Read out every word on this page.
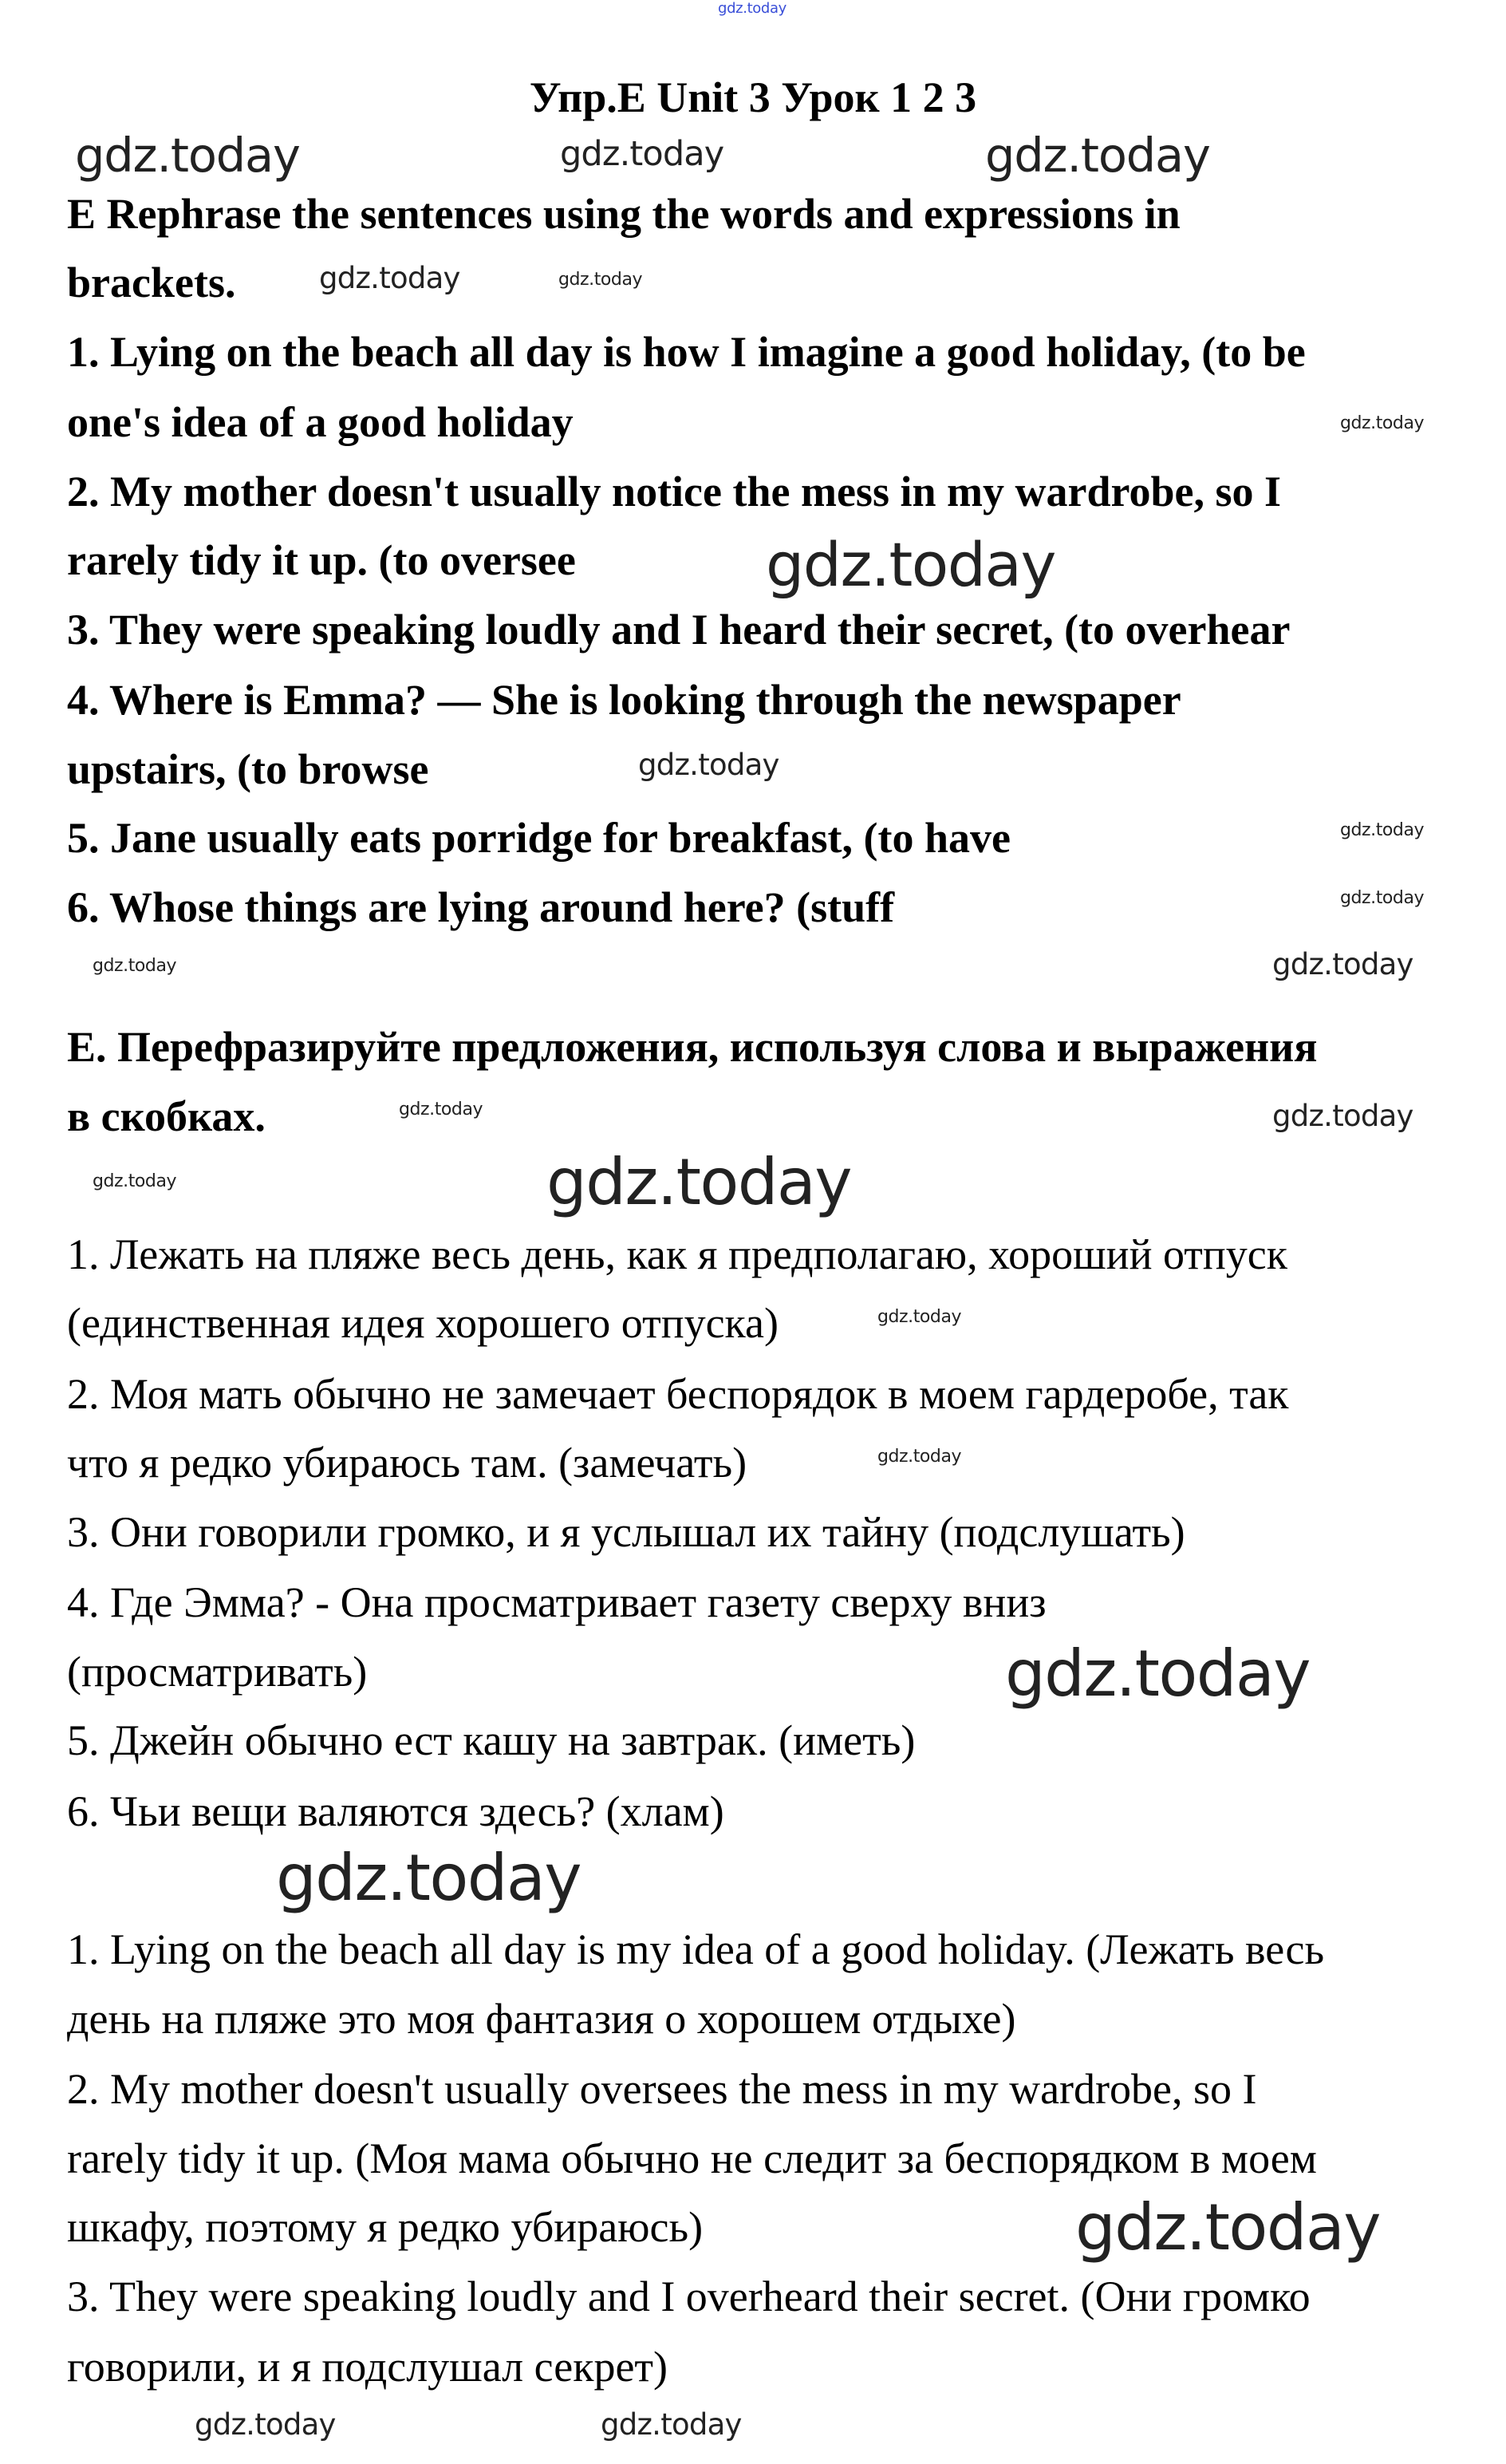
Упр.E Unit 3 Урок 1 2 3
E Rephrase the sentences using the words and expressions in
brackets.
1. Lying on the beach all day is how I imagine a good holiday, (to be
one's idea of a good holiday
2. My mother doesn't usually notice the mess in my wardrobe, so I
rarely tidy it up. (to oversee
3. They were speaking loudly and I heard their secret, (to overhear
4. Where is Emma? — She is looking through the newspaper
upstairs, (to browse
5. Jane usually eats porridge for breakfast, (to have
6. Whose things are lying around here? (stuff
E. Перефразируйте предложения, используя слова и выражения
в скобках.
1. Лежать на пляже весь день, как я предполагаю, хороший отпуск
(единственная идея хорошего отпуска)
2. Моя мать обычно не замечает беспорядок в моем гардеробе, так
что я редко убираюсь там. (замечать)
3. Они говорили громко, и я услышал их тайну (подслушать)
4. Где Эмма? - Она просматривает газету сверху вниз
(просматривать)
5. Джейн обычно ест кашу на завтрак. (иметь)
6. Чьи вещи валяются здесь? (хлам)
1. Lying on the beach all day is my idea of a good holiday. (Лежать весь
день на пляже это моя фантазия о хорошем отдыхе)
2. My mother doesn't usually oversees the mess in my wardrobe, so I
rarely tidy it up. (Моя мама обычно не следит за беспорядком в моем
шкафу, поэтому я редко убираюсь)
3. They were speaking loudly and I overheard their secret. (Они громко
говорили, и я подслушал секрет)
gdz.today
gdz.today	gdz.today	gdz.today
gdz.today	gdz.today
gdz.today
gdz.today
gdz.today
gdz.today
gdz.today
gdz.today	gdz.today
gdz.today	gdz.today
gdz.today	gdz.today
gdz.today
gdz.today
gdz.today
gdz.today
gdz.today
gdz.today	gdz.today
